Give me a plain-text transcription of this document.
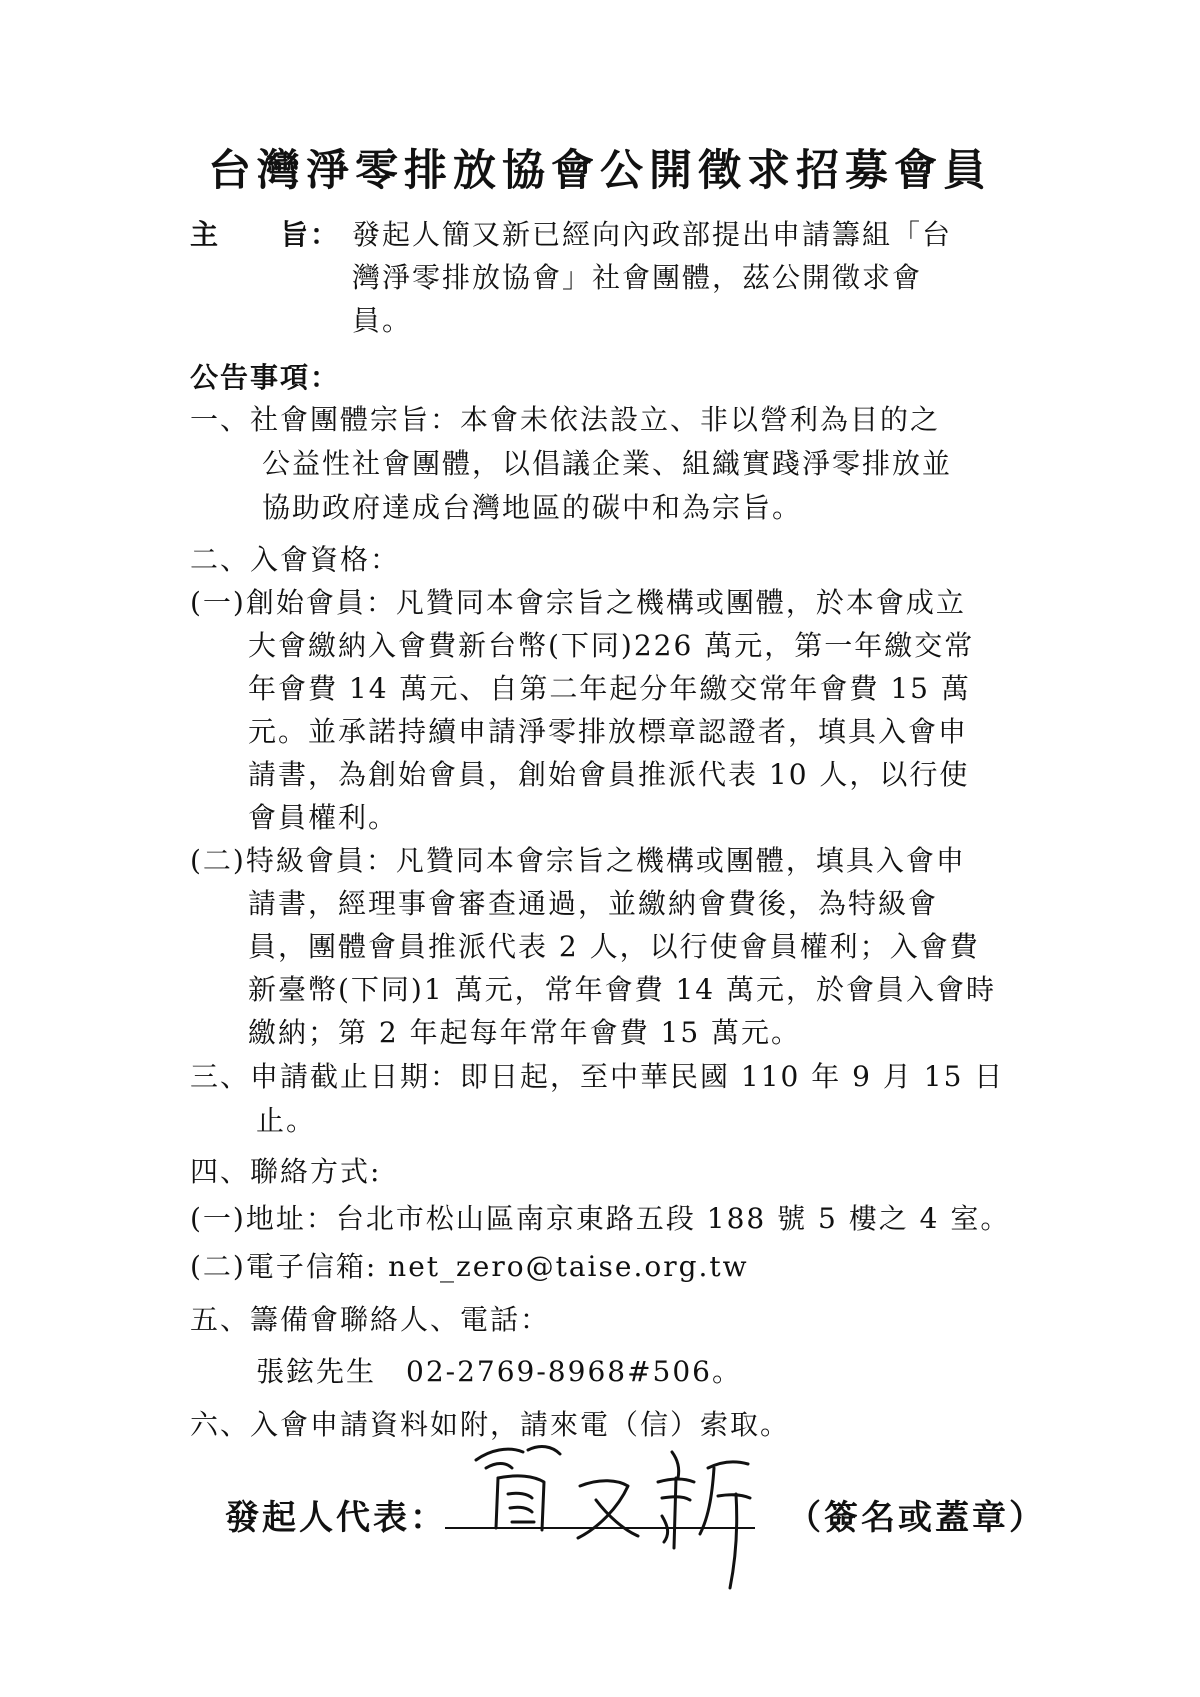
台灣淨零排放協會公開徵求招募會員
主　　旨： 發起人簡又新已經向內政部提出申請籌組「台
灣淨零排放協會」社會團體，茲公開徵求會
員。
公告事項：
一、社會團體宗旨：本會未依法設立、非以營利為目的之
公益性社會團體，以倡議企業、組織實踐淨零排放並
協助政府達成台灣地區的碳中和為宗旨。
二、入會資格：
(一)創始會員：凡贊同本會宗旨之機構或團體，於本會成立
大會繳納入會費新台幣(下同)226 萬元，第一年繳交常
年會費 14 萬元、自第二年起分年繳交常年會費 15 萬
元。並承諾持續申請淨零排放標章認證者，填具入會申
請書，為創始會員，創始會員推派代表 10 人，以行使
會員權利。
(二)特級會員：凡贊同本會宗旨之機構或團體，填具入會申
請書，經理事會審查通過，並繳納會費後，為特級會
員，團體會員推派代表 2 人，以行使會員權利；入會費
新臺幣(下同)1 萬元，常年會費 14 萬元，於會員入會時
繳納；第 2 年起每年常年會費 15 萬元。
三、申請截止日期：即日起，至中華民國 110 年 9 月 15 日
止。
四、聯絡方式:
(一)地址：台北市松山區南京東路五段 188 號 5 樓之 4 室。
(二)電子信箱: net_zero@taise.org.tw
五、籌備會聯絡人、電話：
張鉉先生　02-2769-8968#506。
六、入會申請資料如附，請來電（信）索取。
發起人代表：	（簽名或蓋章）
